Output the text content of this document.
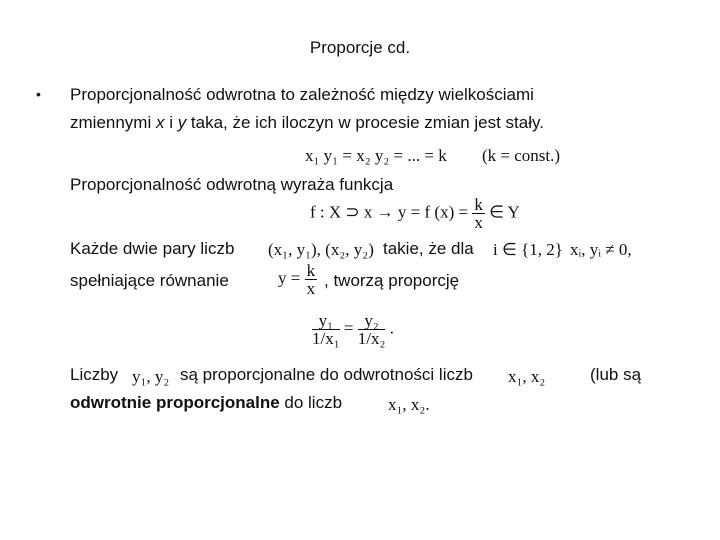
Proporcje cd.
• Proporcjonalność odwrotna to zależność między wielkościami
zmiennymi x i y taka, że ich iloczyn w procesie zmian jest stały.
x₁ y₁ = x₂ y₂ = ... = k (k = const.)
Proporcjonalność odwrotną wyraża funkcja
f : X ⊃ x → y = f $(x) = \frac{k}{x}$ ∈ Y
Każde dwie pary liczb (x₁, y₁), (x₂, y₂) takie, że dla i ∈ {1, 2} xᵢ, yᵢ ≠ 0,
spełniające równanie	$y = \frac{k}{x}$ , tworzą proporcję
$\frac{\text{y₁}}{\text{1/x₁}} = \frac{\text{y₂}}{\text{1/x₂}}$ .
Liczby y₁, y₂ są proporcjonalne do odwrotności liczb x₁, x₂	(lub są
odwrotnie proporcjonalne do liczb	x₁, x₂.
